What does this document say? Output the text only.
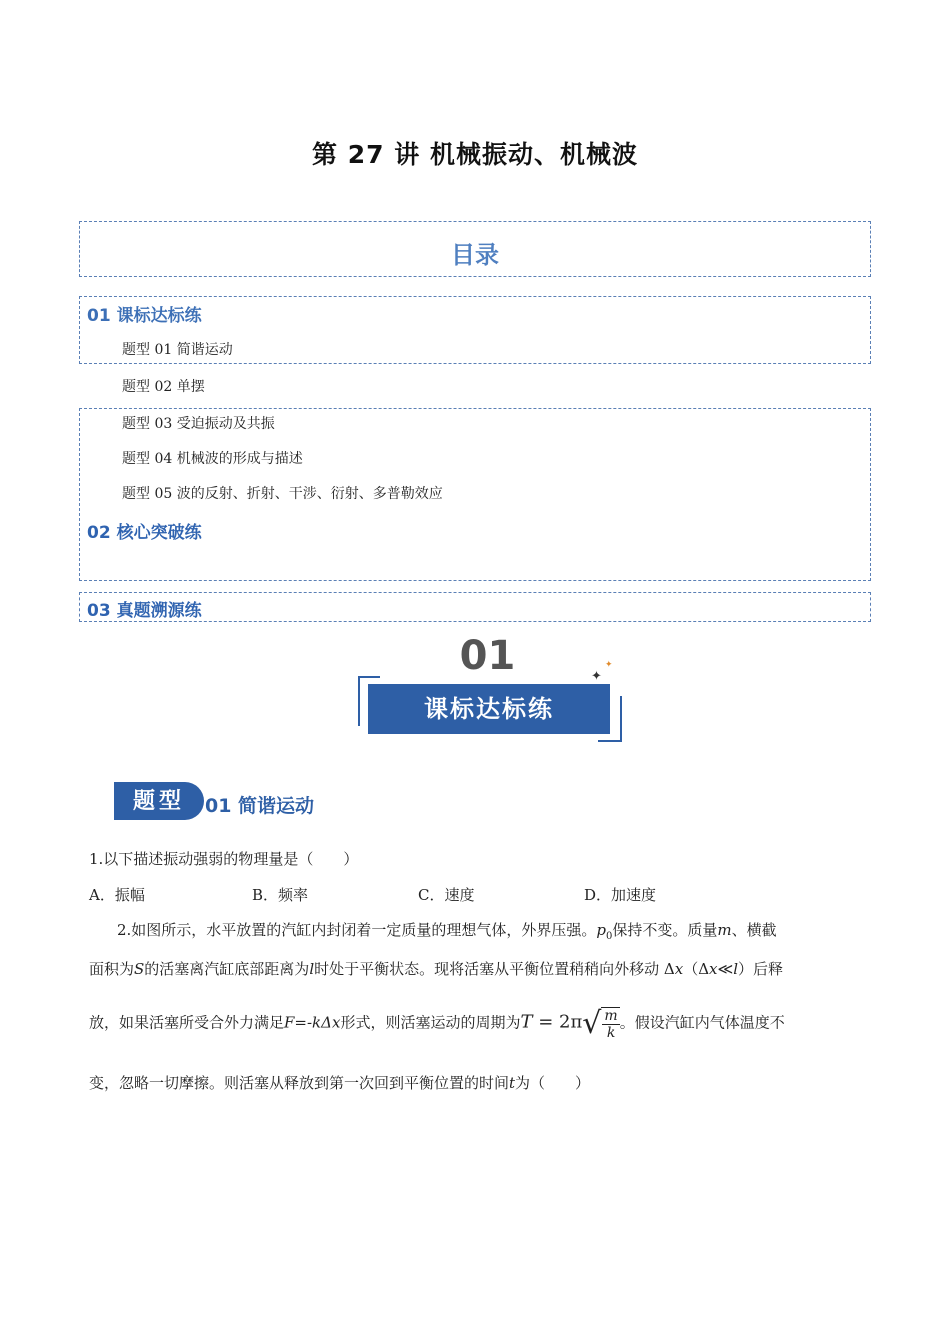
第 27 讲 机械振动、机械波
目录
01 课标达标练
题型 01 简谐运动
题型 02 单摆
题型 03 受迫振动及共振
题型 04 机械波的形成与描述
题型 05 波的反射、折射、干涉、衍射、多普勒效应
02 核心突破练
03 真题溯源练
01
课标达标练
✦
✦
题型	01 简谐运动
1.以下描述振动强弱的物理量是（　　）
A．振幅	B．频率	C．速度	D．加速度
2.如图所示，水平放置的汽缸内封闭着一定质量的理想气体，外界压强。$p_0$保持不变。质量m、横截
面积为S的活塞离汽缸底部距离为l时处于平衡状态。现将活塞从平衡位置稍稍向外移动 Δx（Δx≪l）后释
放，如果活塞所受合外力满足F=-kΔx形式，则活塞运动的周期为$T = 2\pi√ \frac{m}{k}$ 。假设汽缸内气体温度不
变，忽略一切摩擦。则活塞从释放到第一次回到平衡位置的时间t为（　　）
